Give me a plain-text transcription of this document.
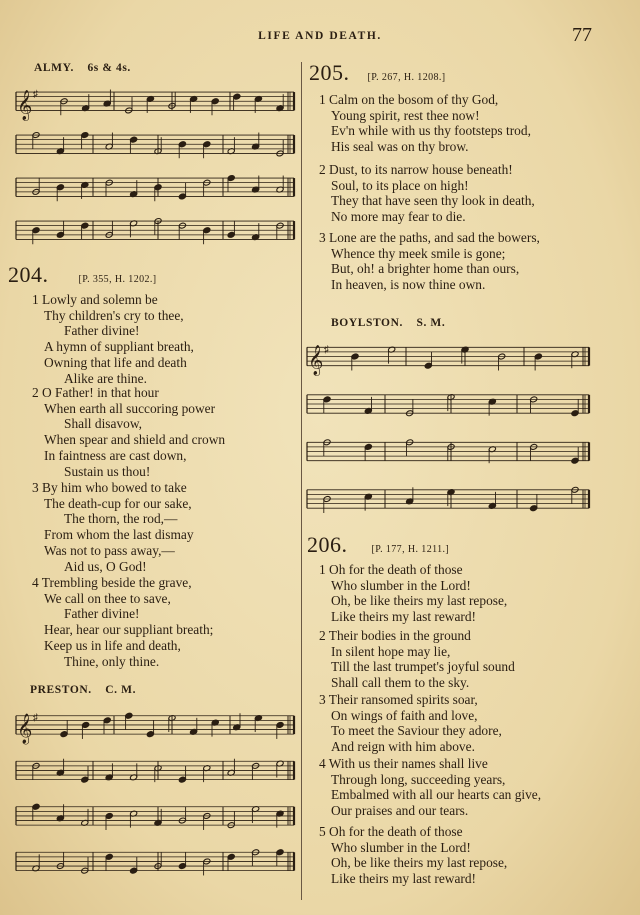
LIFE AND DEATH.	77
ALMY. 6s & 4s.
𝄞 ♯
204.	[P. 355, H. 1202.]
1 Lowly and solemn be
Thy children's cry to thee,
Father divine!
A hymn of suppliant breath,
Owning that life and death
Alike are thine.
2 O Father! in that hour
When earth all succoring power
Shall disavow,
When spear and shield and crown
In faintness are cast down,
Sustain us thou!
3 By him who bowed to take
The death-cup for our sake,
The thorn, the rod,—
From whom the last dismay
Was not to pass away,—
Aid us, O God!
4 Trembling beside the grave,
We call on thee to save,
Father divine!
Hear, hear our suppliant breath;
Keep us in life and death,
Thine, only thine.
PRESTON. C. M.
𝄞 ♯
205. [P. 267, H. 1208.]
1 Calm on the bosom of thy God,
Young spirit, rest thee now!
Ev'n while with us thy footsteps trod,
His seal was on thy brow.
2 Dust, to its narrow house beneath!
Soul, to its place on high!
They that have seen thy look in death,
No more may fear to die.
3 Lone are the paths, and sad the bowers,
Whence thy meek smile is gone;
But, oh! a brighter home than ours,
In heaven, is now thine own.
BOYLSTON. S. M.
𝄞 ♯
206. [P. 177, H. 1211.]
1 Oh for the death of those
Who slumber in the Lord!
Oh, be like theirs my last repose,
Like theirs my last reward!
2 Their bodies in the ground
In silent hope may lie,
Till the last trumpet's joyful sound
Shall call them to the sky.
3 Their ransomed spirits soar,
On wings of faith and love,
To meet the Saviour they adore,
And reign with him above.
4 With us their names shall live
Through long, succeeding years,
Embalmed with all our hearts can give,
Our praises and our tears.
5 Oh for the death of those
Who slumber in the Lord!
Oh, be like theirs my last repose,
Like theirs my last reward!
